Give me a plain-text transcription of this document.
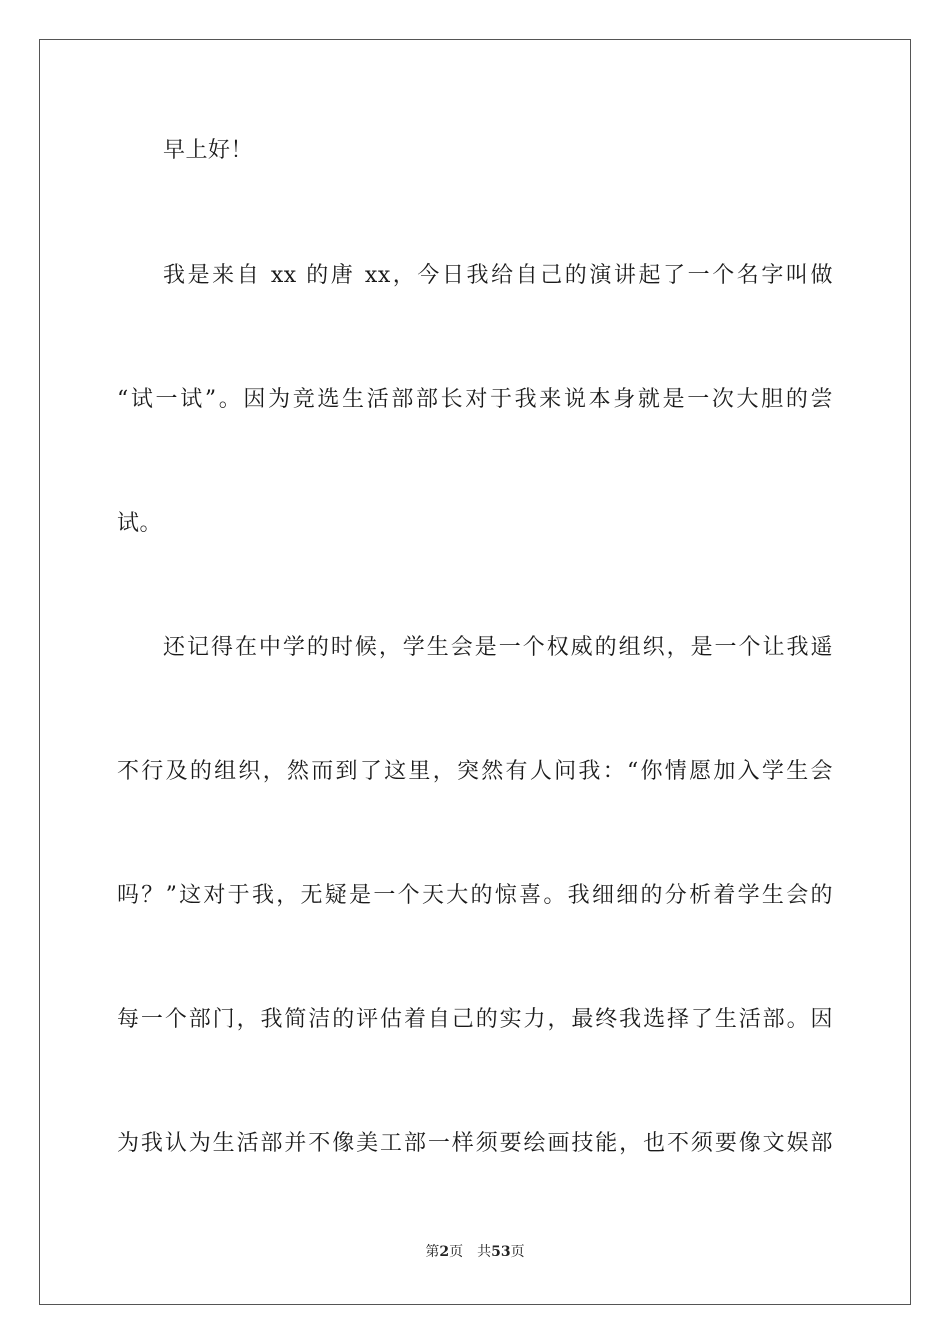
早上好！
我是来自 xx 的唐 xx，今日我给自己的演讲起了一个名字叫做
“试一试”。因为竞选生活部部长对于我来说本身就是一次大胆的尝
试。
还记得在中学的时候，学生会是一个权威的组织，是一个让我遥
不行及的组织，然而到了这里，突然有人问我：“你情愿加入学生会
吗？”这对于我，无疑是一个天大的惊喜。我细细的分析着学生会的
每一个部门，我简洁的评估着自己的实力，最终我选择了生活部。因
为我认为生活部并不像美工部一样须要绘画技能，也不须要像文娱部
第2页 共53页
